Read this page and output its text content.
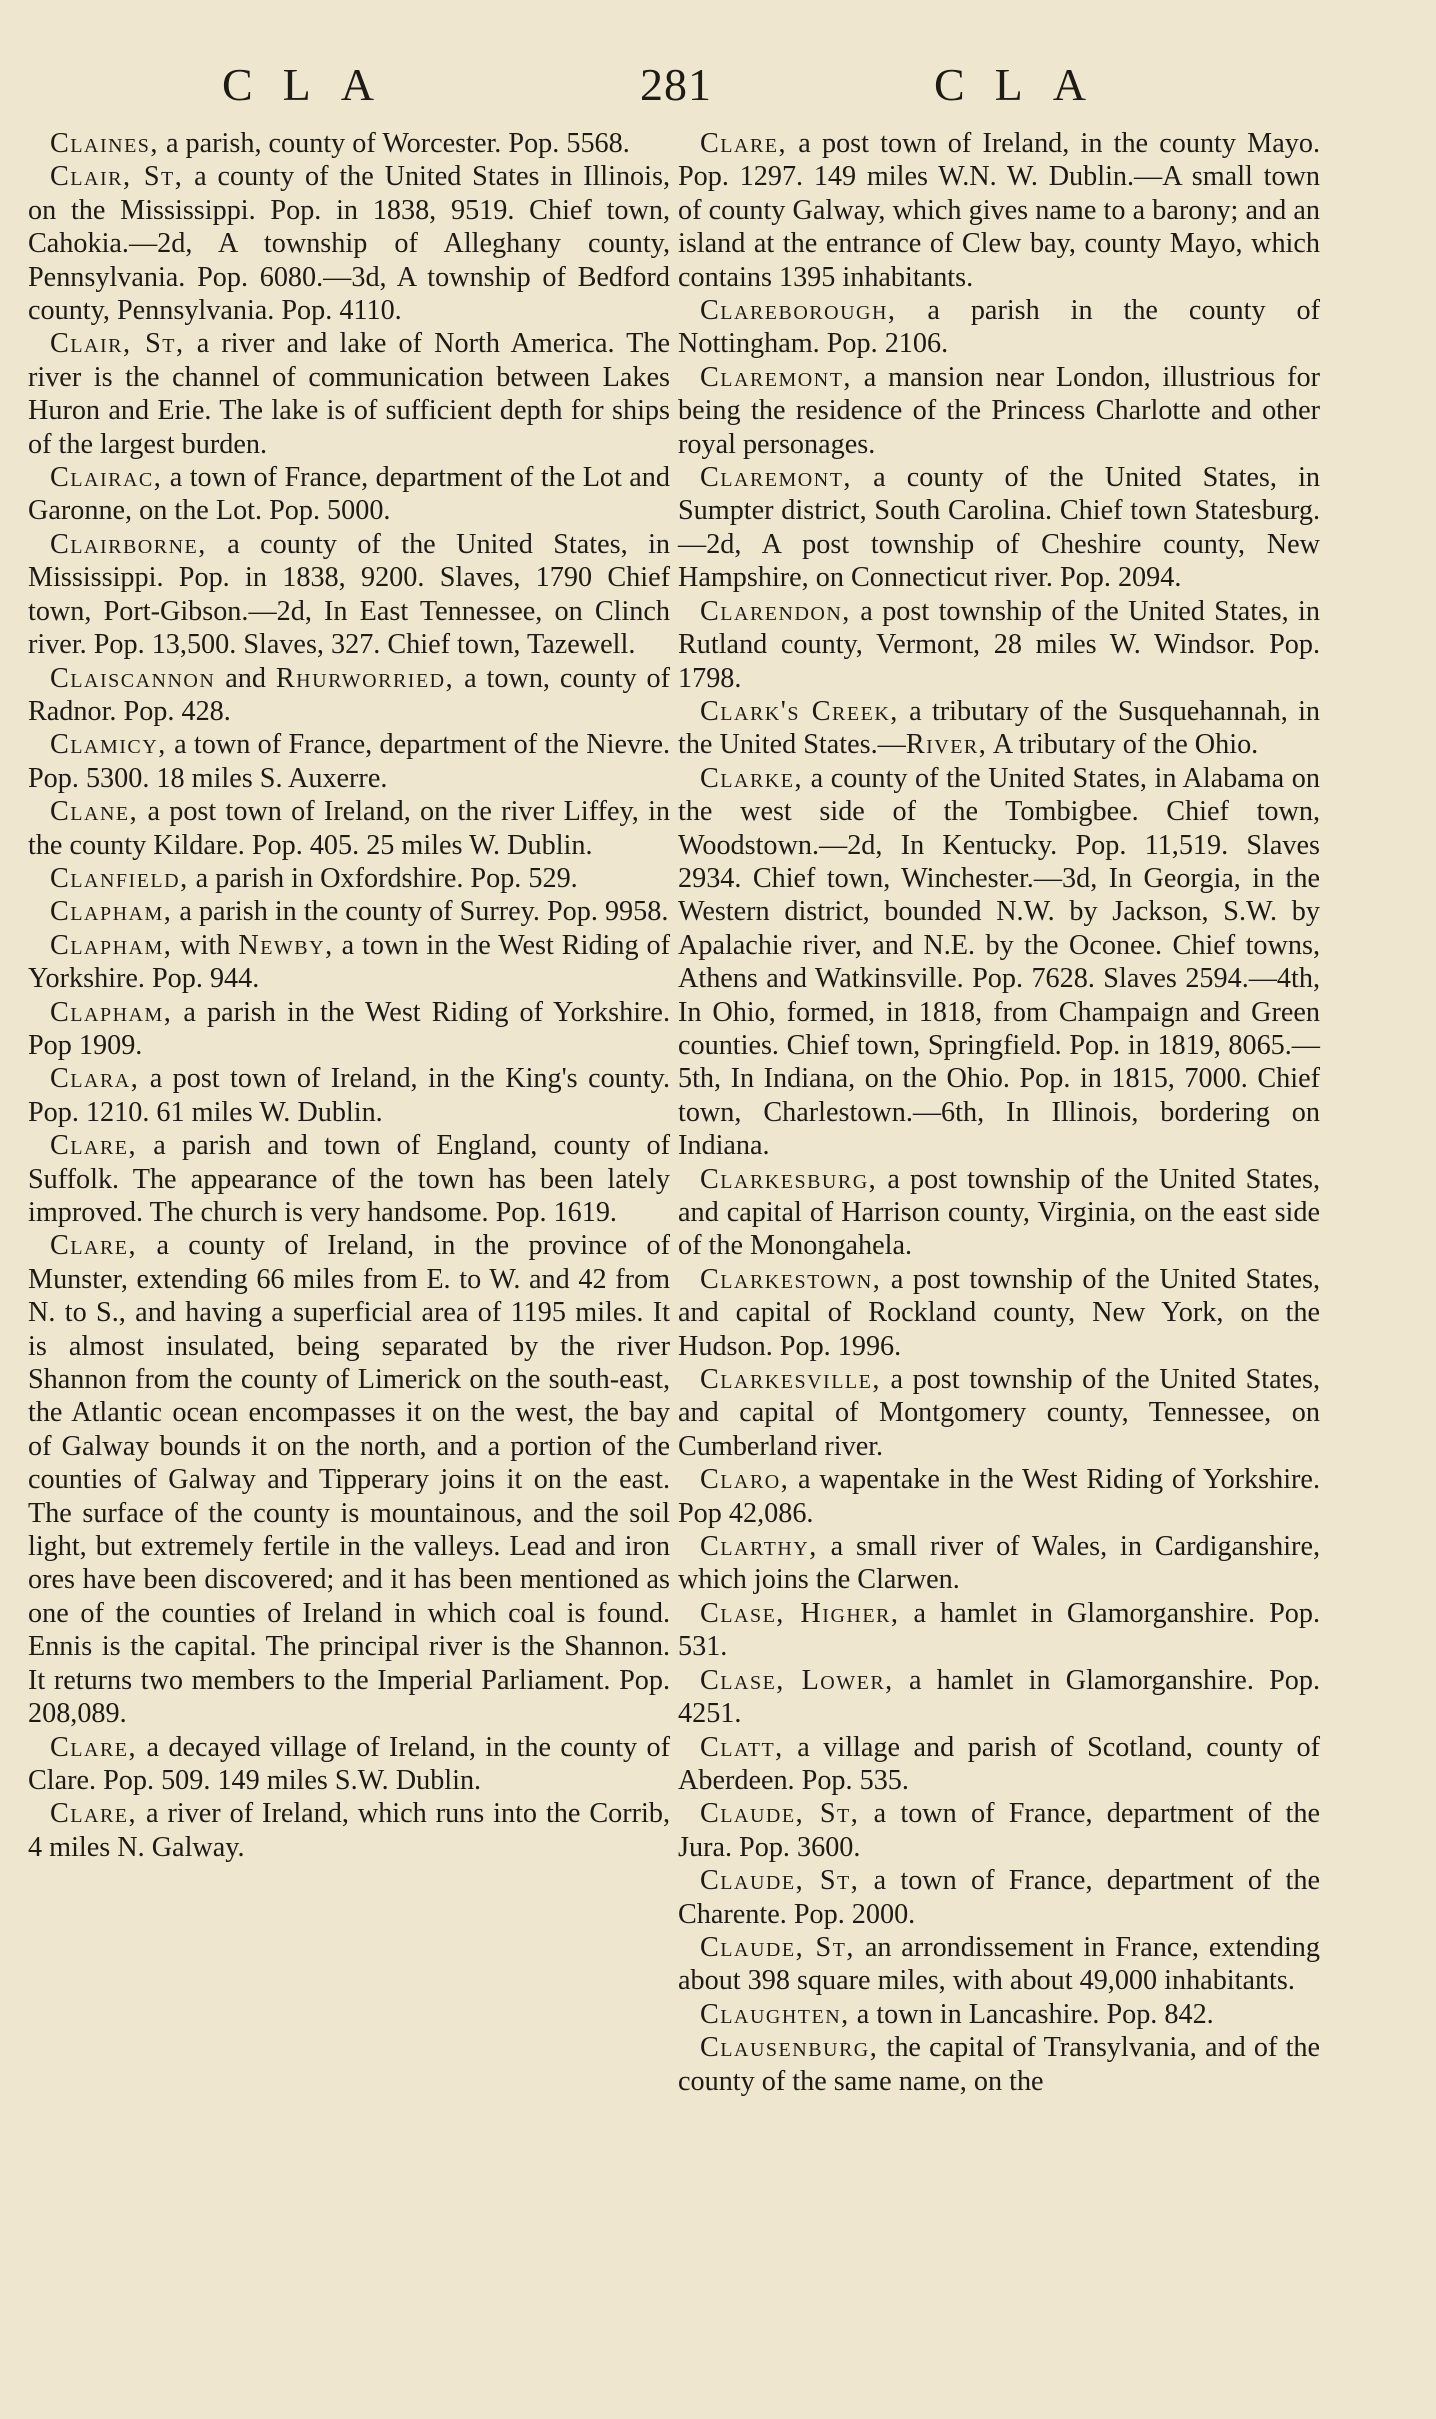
CLA	281	CLA

Claines, a parish, county of Worcester. Pop. 5568.

Clair, St, a county of the United States in Illinois, on the Mississippi. Pop. in 1838, 9519. Chief town, Cahokia.—2d, A township of Alleghany county, Pennsylvania. Pop. 6080.—3d, A township of Bedford county, Pennsylvania. Pop. 4110.

Clair, St, a river and lake of North America. The river is the channel of communication between Lakes Huron and Erie. The lake is of sufficient depth for ships of the largest burden.

Clairac, a town of France, department of the Lot and Garonne, on the Lot. Pop. 5000.

Clairborne, a county of the United States, in Mississippi. Pop. in 1838, 9200. Slaves, 1790 Chief town, Port-Gibson.—2d, In East Tennessee, on Clinch river. Pop. 13,500. Slaves, 327. Chief town, Tazewell.

Claiscannon and Rhurworried, a town, county of Radnor. Pop. 428.

Clamicy, a town of France, department of the Nievre. Pop. 5300. 18 miles S. Auxerre.

Clane, a post town of Ireland, on the river Liffey, in the county Kildare. Pop. 405. 25 miles W. Dublin.

Clanfield, a parish in Oxfordshire. Pop. 529.

Clapham, a parish in the county of Surrey. Pop. 9958.

Clapham, with Newby, a town in the West Riding of Yorkshire. Pop. 944.

Clapham, a parish in the West Riding of Yorkshire. Pop 1909.

Clara, a post town of Ireland, in the King's county. Pop. 1210. 61 miles W. Dublin.

Clare, a parish and town of England, county of Suffolk. The appearance of the town has been lately improved. The church is very handsome. Pop. 1619.

Clare, a county of Ireland, in the province of Munster, extending 66 miles from E. to W. and 42 from N. to S., and having a superficial area of 1195 miles. It is almost insulated, being separated by the river Shannon from the county of Limerick on the south-east, the Atlantic ocean encompasses it on the west, the bay of Galway bounds it on the north, and a portion of the counties of Galway and Tipperary joins it on the east. The surface of the county is mountainous, and the soil light, but extremely fertile in the valleys. Lead and iron ores have been discovered; and it has been mentioned as one of the counties of Ireland in which coal is found. Ennis is the capital. The principal river is the Shannon. It returns two members to the Imperial Parliament. Pop. 208,089.

Clare, a decayed village of Ireland, in the county of Clare. Pop. 509. 149 miles S.W. Dublin.

Clare, a river of Ireland, which runs into the Corrib, 4 miles N. Galway.

Clare, a post town of Ireland, in the county Mayo. Pop. 1297. 149 miles W.N. W. Dublin.—A small town of county Galway, which gives name to a barony; and an island at the entrance of Clew bay, county Mayo, which contains 1395 inhabitants.

Clareborough, a parish in the county of Nottingham. Pop. 2106.

Claremont, a mansion near London, illustrious for being the residence of the Princess Charlotte and other royal personages.

Claremont, a county of the United States, in Sumpter district, South Carolina. Chief town Statesburg.—2d, A post township of Cheshire county, New Hampshire, on Connecticut river. Pop. 2094.

Clarendon, a post township of the United States, in Rutland county, Vermont, 28 miles W. Windsor. Pop. 1798.

Clark's Creek, a tributary of the Susquehannah, in the United States.—River, A tributary of the Ohio.

Clarke, a county of the United States, in Alabama on the west side of the Tombigbee. Chief town, Woodstown.—2d, In Kentucky. Pop. 11,519. Slaves 2934. Chief town, Winchester.—3d, In Georgia, in the Western district, bounded N.W. by Jackson, S.W. by Apalachie river, and N.E. by the Oconee. Chief towns, Athens and Watkinsville. Pop. 7628. Slaves 2594.—4th, In Ohio, formed, in 1818, from Champaign and Green counties. Chief town, Springfield. Pop. in 1819, 8065.—5th, In Indiana, on the Ohio. Pop. in 1815, 7000. Chief town, Charlestown.—6th, In Illinois, bordering on Indiana.

Clarkesburg, a post township of the United States, and capital of Harrison county, Virginia, on the east side of the Monongahela.

Clarkestown, a post township of the United States, and capital of Rockland county, New York, on the Hudson. Pop. 1996.

Clarkesville, a post township of the United States, and capital of Montgomery county, Tennessee, on Cumberland river.

Claro, a wapentake in the West Riding of Yorkshire. Pop 42,086.

Clarthy, a small river of Wales, in Cardiganshire, which joins the Clarwen.

Clase, Higher, a hamlet in Glamorganshire. Pop. 531.

Clase, Lower, a hamlet in Glamorganshire. Pop. 4251.

Clatt, a village and parish of Scotland, county of Aberdeen. Pop. 535.

Claude, St, a town of France, department of the Jura. Pop. 3600.

Claude, St, a town of France, department of the Charente. Pop. 2000.

Claude, St, an arrondissement in France, extending about 398 square miles, with about 49,000 inhabitants.

Claughten, a town in Lancashire. Pop. 842.

Clausenburg, the capital of Transylvania, and of the county of the same name, on the
